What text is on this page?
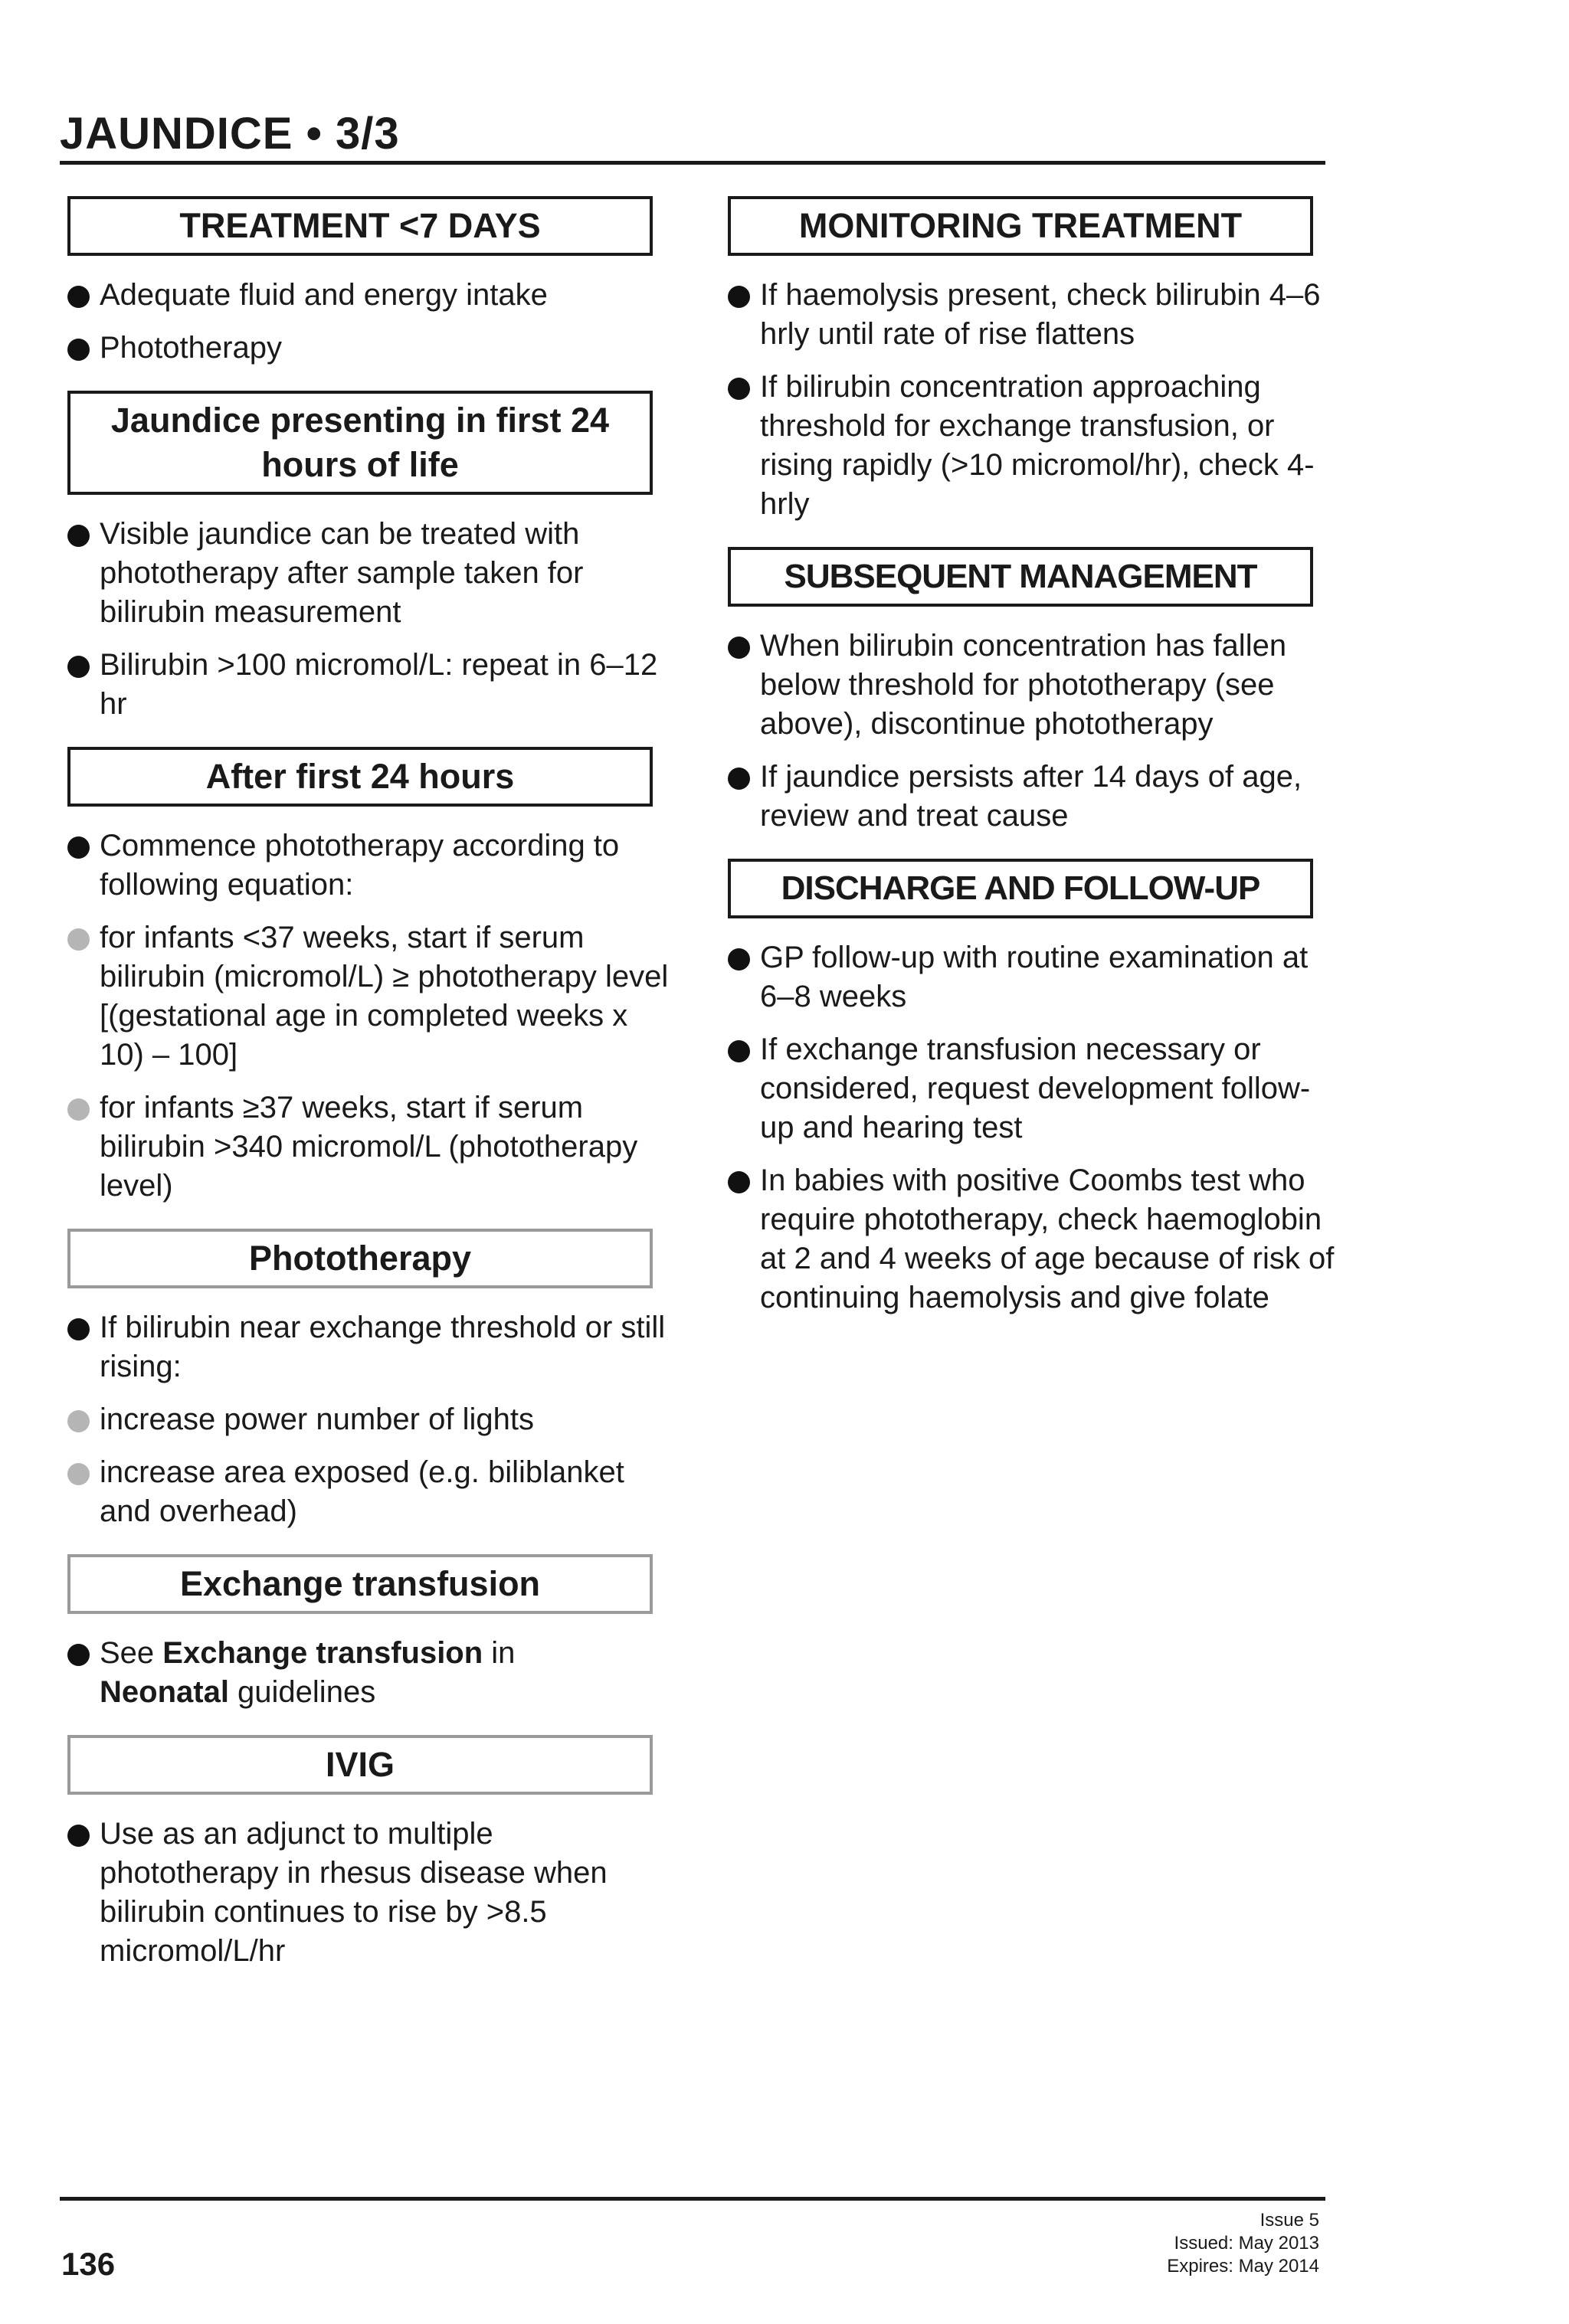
JAUNDICE • 3/3
TREATMENT <7 DAYS
Adequate fluid and energy intake
Phototherapy
Jaundice presenting in first 24 hours of life
Visible jaundice can be treated with phototherapy after sample taken for bilirubin measurement
Bilirubin >100 micromol/L: repeat in 6–12 hr
After first 24 hours
Commence phototherapy according to following equation:
for infants <37 weeks, start if serum bilirubin (micromol/L) ≥ phototherapy level [(gestational age in completed weeks x 10) – 100]
for infants ≥37 weeks, start if serum bilirubin >340 micromol/L (phototherapy level)
Phototherapy
If bilirubin near exchange threshold or still rising:
increase power number of lights
increase area exposed (e.g. biliblanket and overhead)
Exchange transfusion
See Exchange transfusion in
Neonatal guidelines
IVIG
Use as an adjunct to multiple phototherapy in rhesus disease when bilirubin continues to rise by >8.5 micromol/L/hr
MONITORING TREATMENT
If haemolysis present, check bilirubin 4–6 hrly until rate of rise flattens
If bilirubin concentration approaching threshold for exchange transfusion, or rising rapidly (>10 micromol/hr), check 4-hrly
SUBSEQUENT MANAGEMENT
When bilirubin concentration has fallen below threshold for phototherapy (see above), discontinue phototherapy
If jaundice persists after 14 days of age, review and treat cause
DISCHARGE AND FOLLOW-UP
GP follow-up with routine examination at 6–8 weeks
If exchange transfusion necessary or considered, request development follow-up and hearing test
In babies with positive Coombs test who require phototherapy, check haemoglobin at 2 and 4 weeks of age because of risk of continuing haemolysis and give folate
136
Issue 5
Issued: May 2013
Expires: May 2014
